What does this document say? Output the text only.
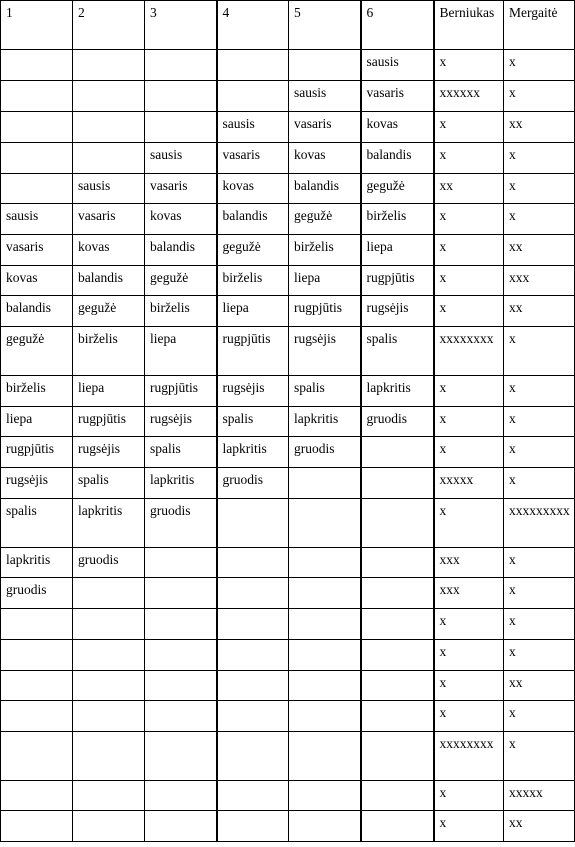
1	2	3	4	5	6	Berniukas	Mergaitė
					sausis	x	x
				sausis	vasaris	xxxxxx	x
			sausis	vasaris	kovas	x	xx
		sausis	vasaris	kovas	balandis	x	x
	sausis	vasaris	kovas	balandis	gegužė	xx	x
sausis	vasaris	kovas	balandis	gegužė	birželis	x	x
vasaris	kovas	balandis	gegužė	birželis	liepa	x	xx
kovas	balandis	gegužė	birželis	liepa	rugpjūtis	x	xxx
balandis	gegužė	birželis	liepa	rugpjūtis	rugsėjis	x	xx
gegužė	birželis	liepa	rugpjūtis	rugsėjis	spalis	xxxxxxxx	x
birželis	liepa	rugpjūtis	rugsėjis	spalis	lapkritis	x	x
liepa	rugpjūtis	rugsėjis	spalis	lapkritis	gruodis	x	x
rugpjūtis	rugsėjis	spalis	lapkritis	gruodis		x	x
rugsėjis	spalis	lapkritis	gruodis			xxxxx	x
spalis	lapkritis	gruodis				x	xxxxxxxxx
lapkritis	gruodis					xxx	x
gruodis						xxx	x
						x	x
						x	x
						x	xx
						x	x
						xxxxxxxx	x
						x	xxxxx
						x	xx
